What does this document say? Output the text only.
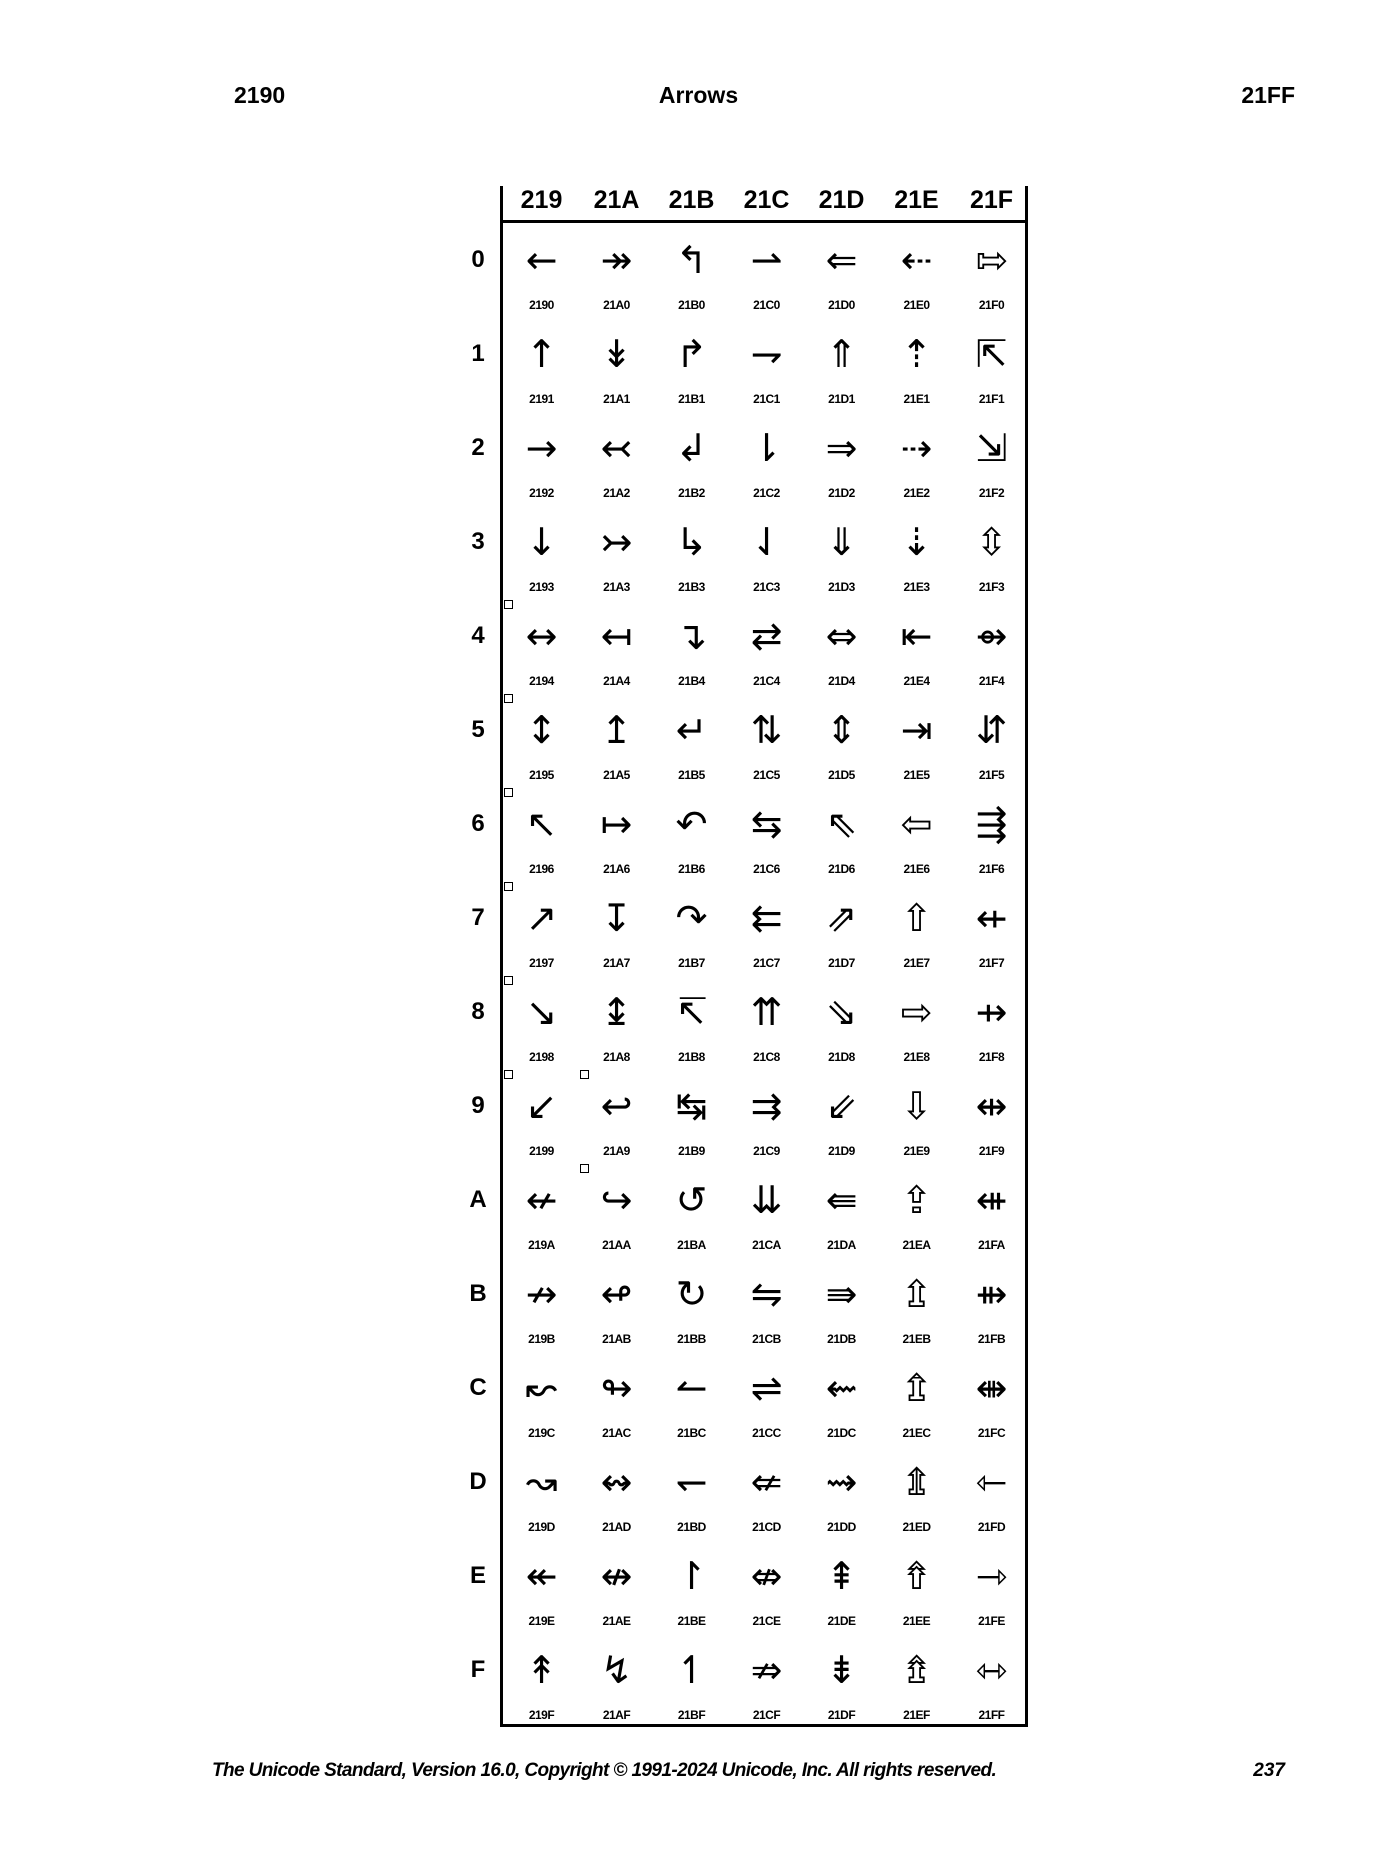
2190	Arrows	21FF
219	21A	21B	21C	21D	21E	21F
0	←
2190
↠
21A0
↰
21B0
⇀
21C0
⇐
21D0
⇠
21E0
⇰
21F0
1	↑
2191
↡
21A1
↱
21B1
⇁
21C1
⇑
21D1
⇡
21E1
⇱
21F1
2	→
2192
↢
21A2
↲
21B2
⇂
21C2
⇒
21D2
⇢
21E2
⇲
21F2
3	↓
2193
↣
21A3
↳
21B3
⇃
21C3
⇓
21D3
⇣
21E3
⇳
21F3
4	↔
2194
↤
21A4
↴
21B4
⇄
21C4
⇔
21D4
⇤
21E4
⇴
21F4
5	↕
2195
↥
21A5
↵
21B5
⇅
21C5
⇕
21D5
⇥
21E5
⇵
21F5
6	↖
2196
↦
21A6
↶
21B6
⇆
21C6
⇖
21D6
⇦
21E6
⇶
21F6
7	↗
2197
↧
21A7
↷
21B7
⇇
21C7
⇗
21D7
⇧
21E7
⇷
21F7
8	↘
2198
↨
21A8
↸
21B8
⇈
21C8
⇘
21D8
⇨
21E8
⇸
21F8
9	↙
2199
↩
21A9
↹
21B9
⇉
21C9
⇙
21D9
⇩
21E9
⇹
21F9
A	↚
219A
↪
21AA
↺
21BA
⇊
21CA
⇚
21DA
⇪
21EA
⇺
21FA
B	↛
219B
↫
21AB
↻
21BB
⇋
21CB
⇛
21DB
⇫
21EB
⇻
21FB
C	↜
219C
↬
21AC
↼
21BC
⇌
21CC
⇜
21DC
⇬
21EC
⇼
21FC
D	↝
219D
↭
21AD
↽
21BD
⇍
21CD
⇝
21DD
⇭
21ED
⇽
21FD
E	↞
219E
↮
21AE
↾
21BE
⇎
21CE
⇞
21DE
⇮
21EE
⇾
21FE
F	↟
219F
↯
21AF
↿
21BF
⇏
21CF
⇟
21DF
⇯
21EF
⇿
21FF
The Unicode Standard, Version 16.0, Copyright © 1991-2024 Unicode, Inc. All rights reserved.	237
